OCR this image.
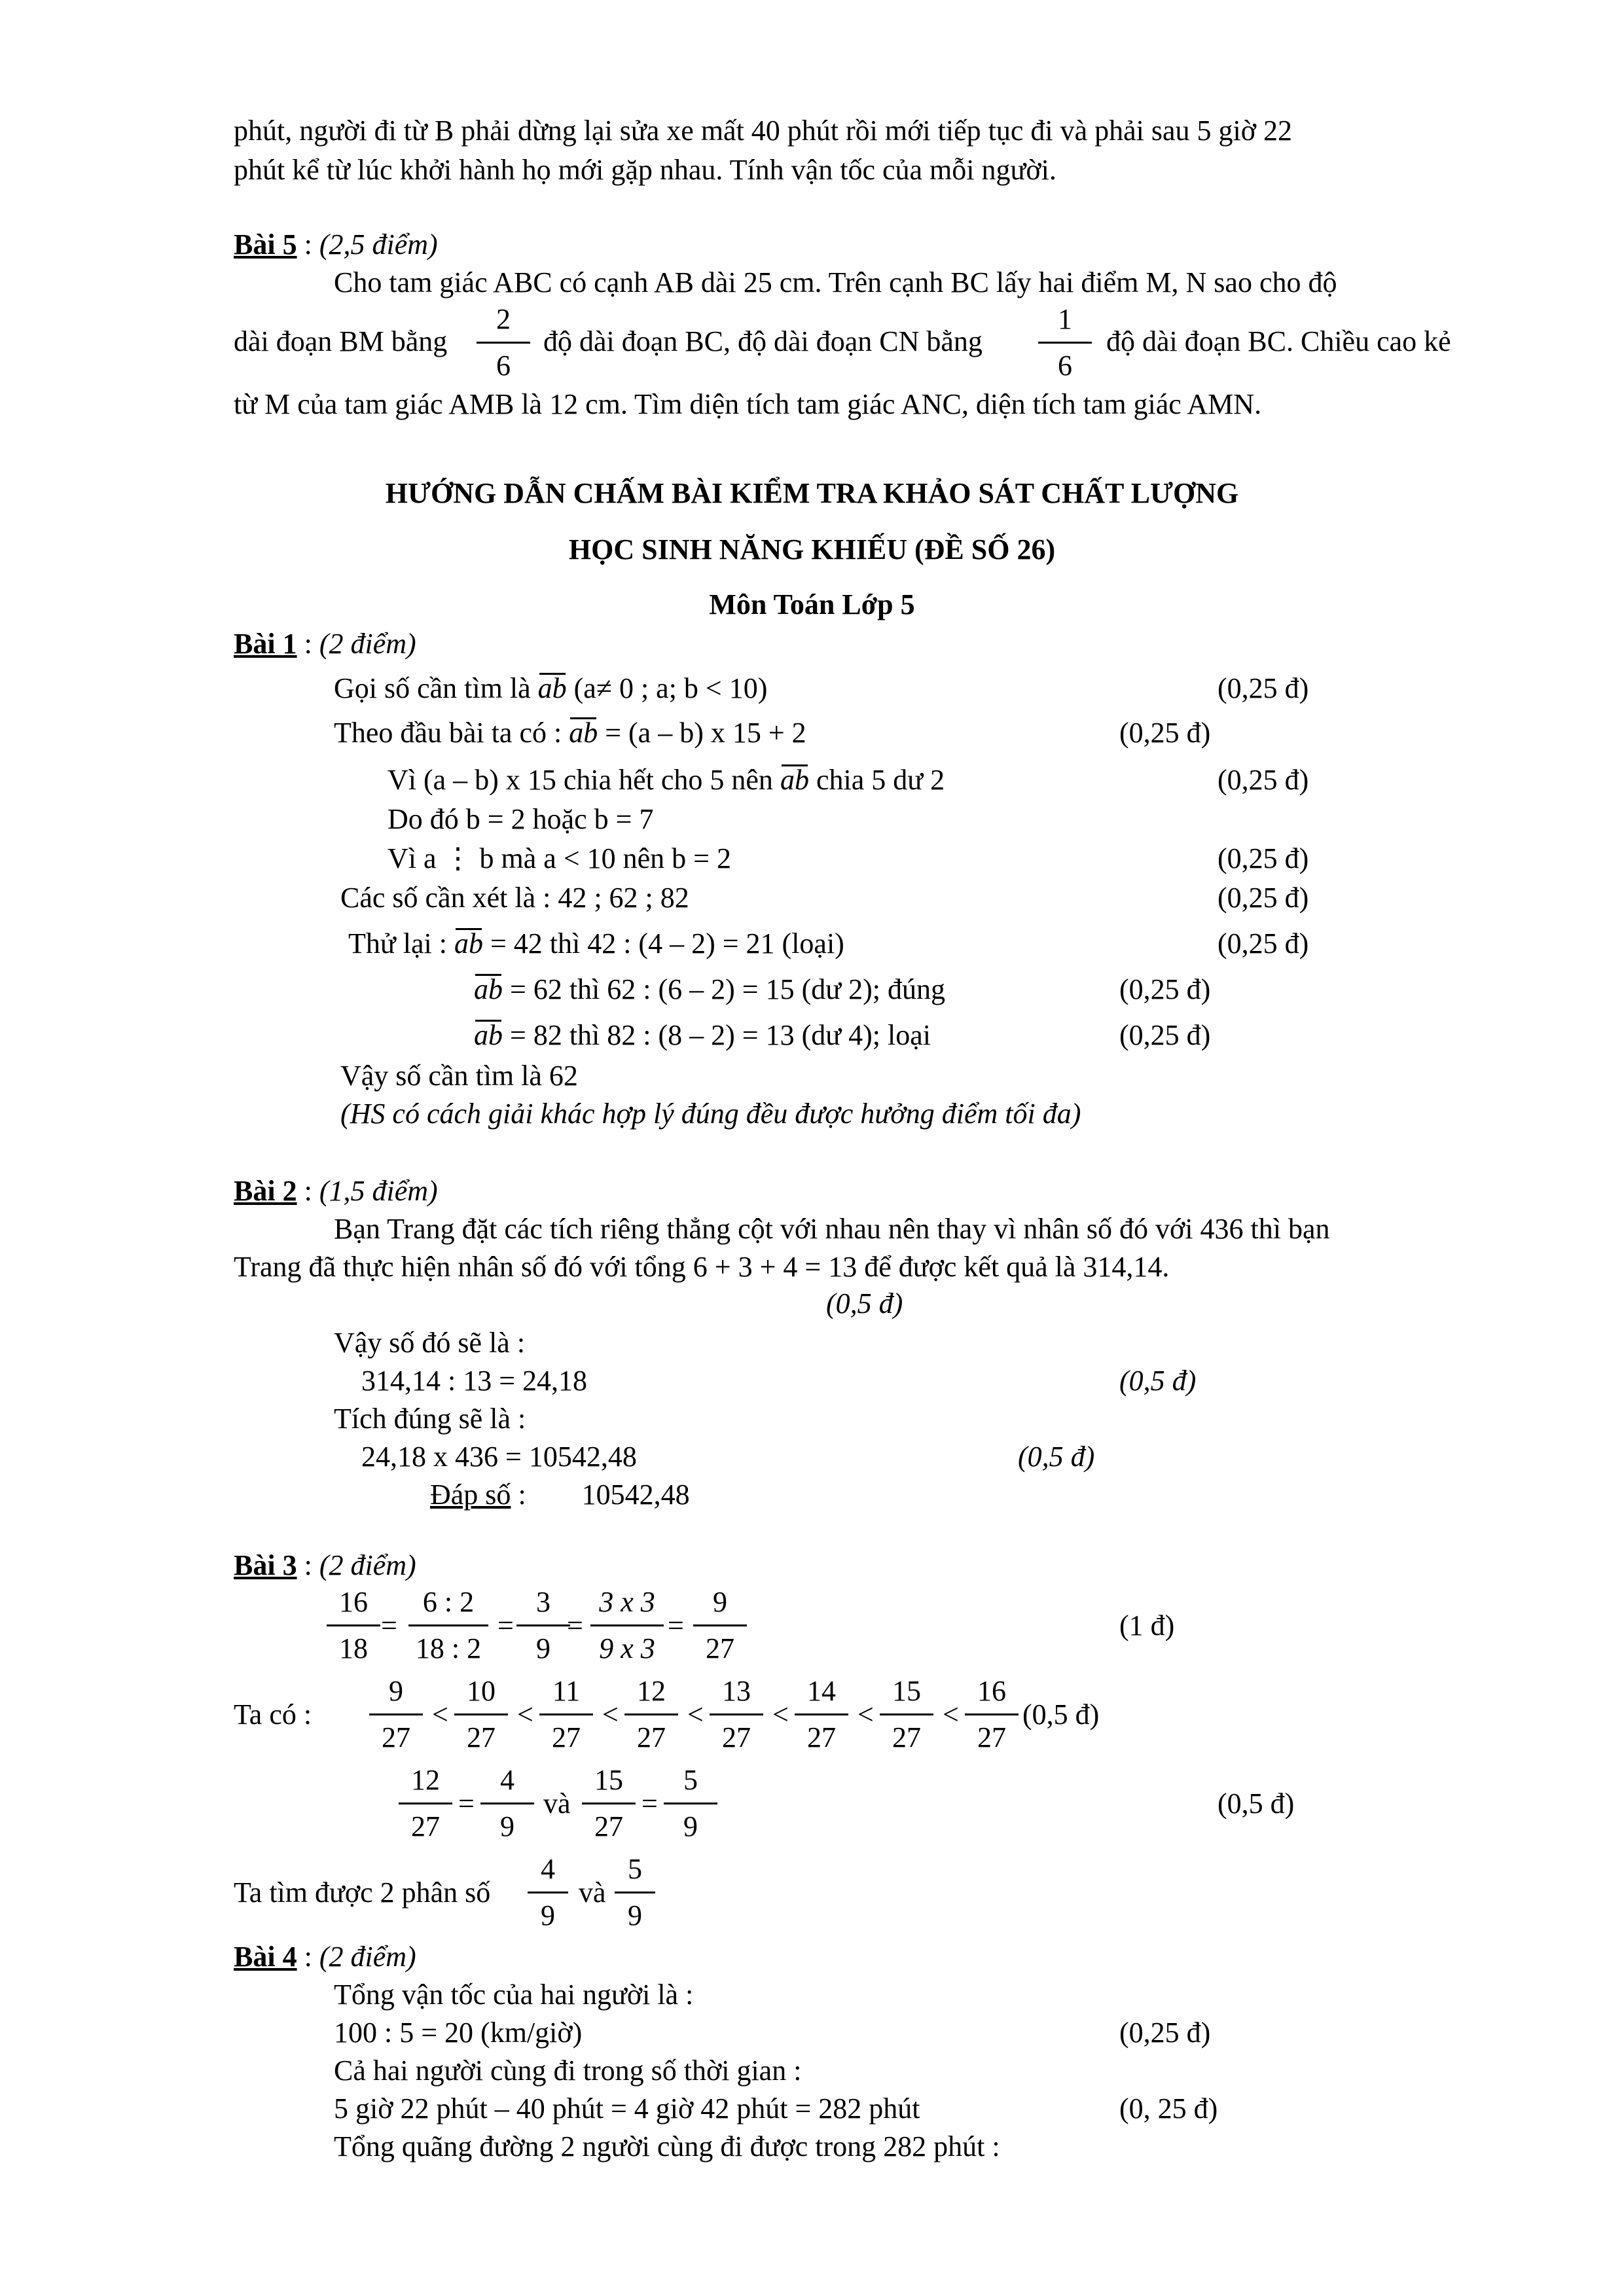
phút, người đi từ B phải dừng lại sửa xe mất 40 phút rồi mới tiếp tục đi và phải sau 5 giờ 22
phút kể từ lúc khởi hành họ mới gặp nhau. Tính vận tốc của mỗi người.
Bài 5 : (2,5 điểm)
Cho tam giác ABC có cạnh AB dài 25 cm. Trên cạnh BC lấy hai điểm M, N sao cho độ
dài đoạn BM bằng
2
6
độ dài đoạn BC, độ dài đoạn CN bằng
1
6
độ dài đoạn BC. Chiều cao kẻ
từ M của tam giác AMB là 12 cm. Tìm diện tích tam giác ANC, diện tích tam giác AMN.
HƯỚNG DẪN CHẤM BÀI KIỂM TRA KHẢO SÁT CHẤT LƯỢNG
HỌC SINH NĂNG KHIẾU (ĐỀ SỐ 26)
Môn Toán Lớp 5
Bài 1 : (2 điểm)
Gọi số cần tìm là ab (a≠ 0 ; a; b < 10)	(0,25 đ)
Theo đầu bài ta có : ab = (a – b) x 15 + 2	(0,25 đ)
Vì (a – b) x 15 chia hết cho 5 nên ab chia 5 dư 2	(0,25 đ)
Do đó b = 2 hoặc b = 7
Vì a ⋮ b mà a < 10 nên b = 2	(0,25 đ)
Các số cần xét là : 42 ; 62 ; 82	(0,25 đ)
Thử lại : ab = 42 thì 42 : (4 – 2) = 21 (loại)	(0,25 đ)
ab = 62 thì 62 : (6 – 2) = 15 (dư 2); đúng	(0,25 đ)
ab = 82 thì 82 : (8 – 2) = 13 (dư 4); loại	(0,25 đ)
Vậy số cần tìm là 62
(HS có cách giải khác hợp lý đúng đều được hưởng điểm tối đa)
Bài 2 : (1,5 điểm)
Bạn Trang đặt các tích riêng thẳng cột với nhau nên thay vì nhân số đó với 436 thì bạn
Trang đã thực hiện nhân số đó với tổng 6 + 3 + 4 = 13 để được kết quả là 314,14.
(0,5 đ)
Vậy số đó sẽ là :
314,14 : 13 = 24,18	(0,5 đ)
Tích đúng sẽ là :
24,18 x 436 = 10542,48	(0,5 đ)
Đáp số : 10542,48
Bài 3 : (2 điểm)
16
18
=
6 : 2
18 : 2
=
3
9
=
3 x 3
9 x 3
=
9
27
(1 đ)
Ta có :
9
27
<
10
27
<
11
27
<
12
27
<
13
27
<
14
27
<
15
27
<
16
27
(0,5 đ)
12
27
=
4
9
và
15
27
=
5
9
(0,5 đ)
Ta tìm được 2 phân số
4
9
và
5
9
Bài 4 : (2 điểm)
Tổng vận tốc của hai người là :
100 : 5 = 20 (km/giờ)	(0,25 đ)
Cả hai người cùng đi trong số thời gian :
5 giờ 22 phút – 40 phút = 4 giờ 42 phút = 282 phút	(0, 25 đ)
Tổng quãng đường 2 người cùng đi được trong 282 phút :
